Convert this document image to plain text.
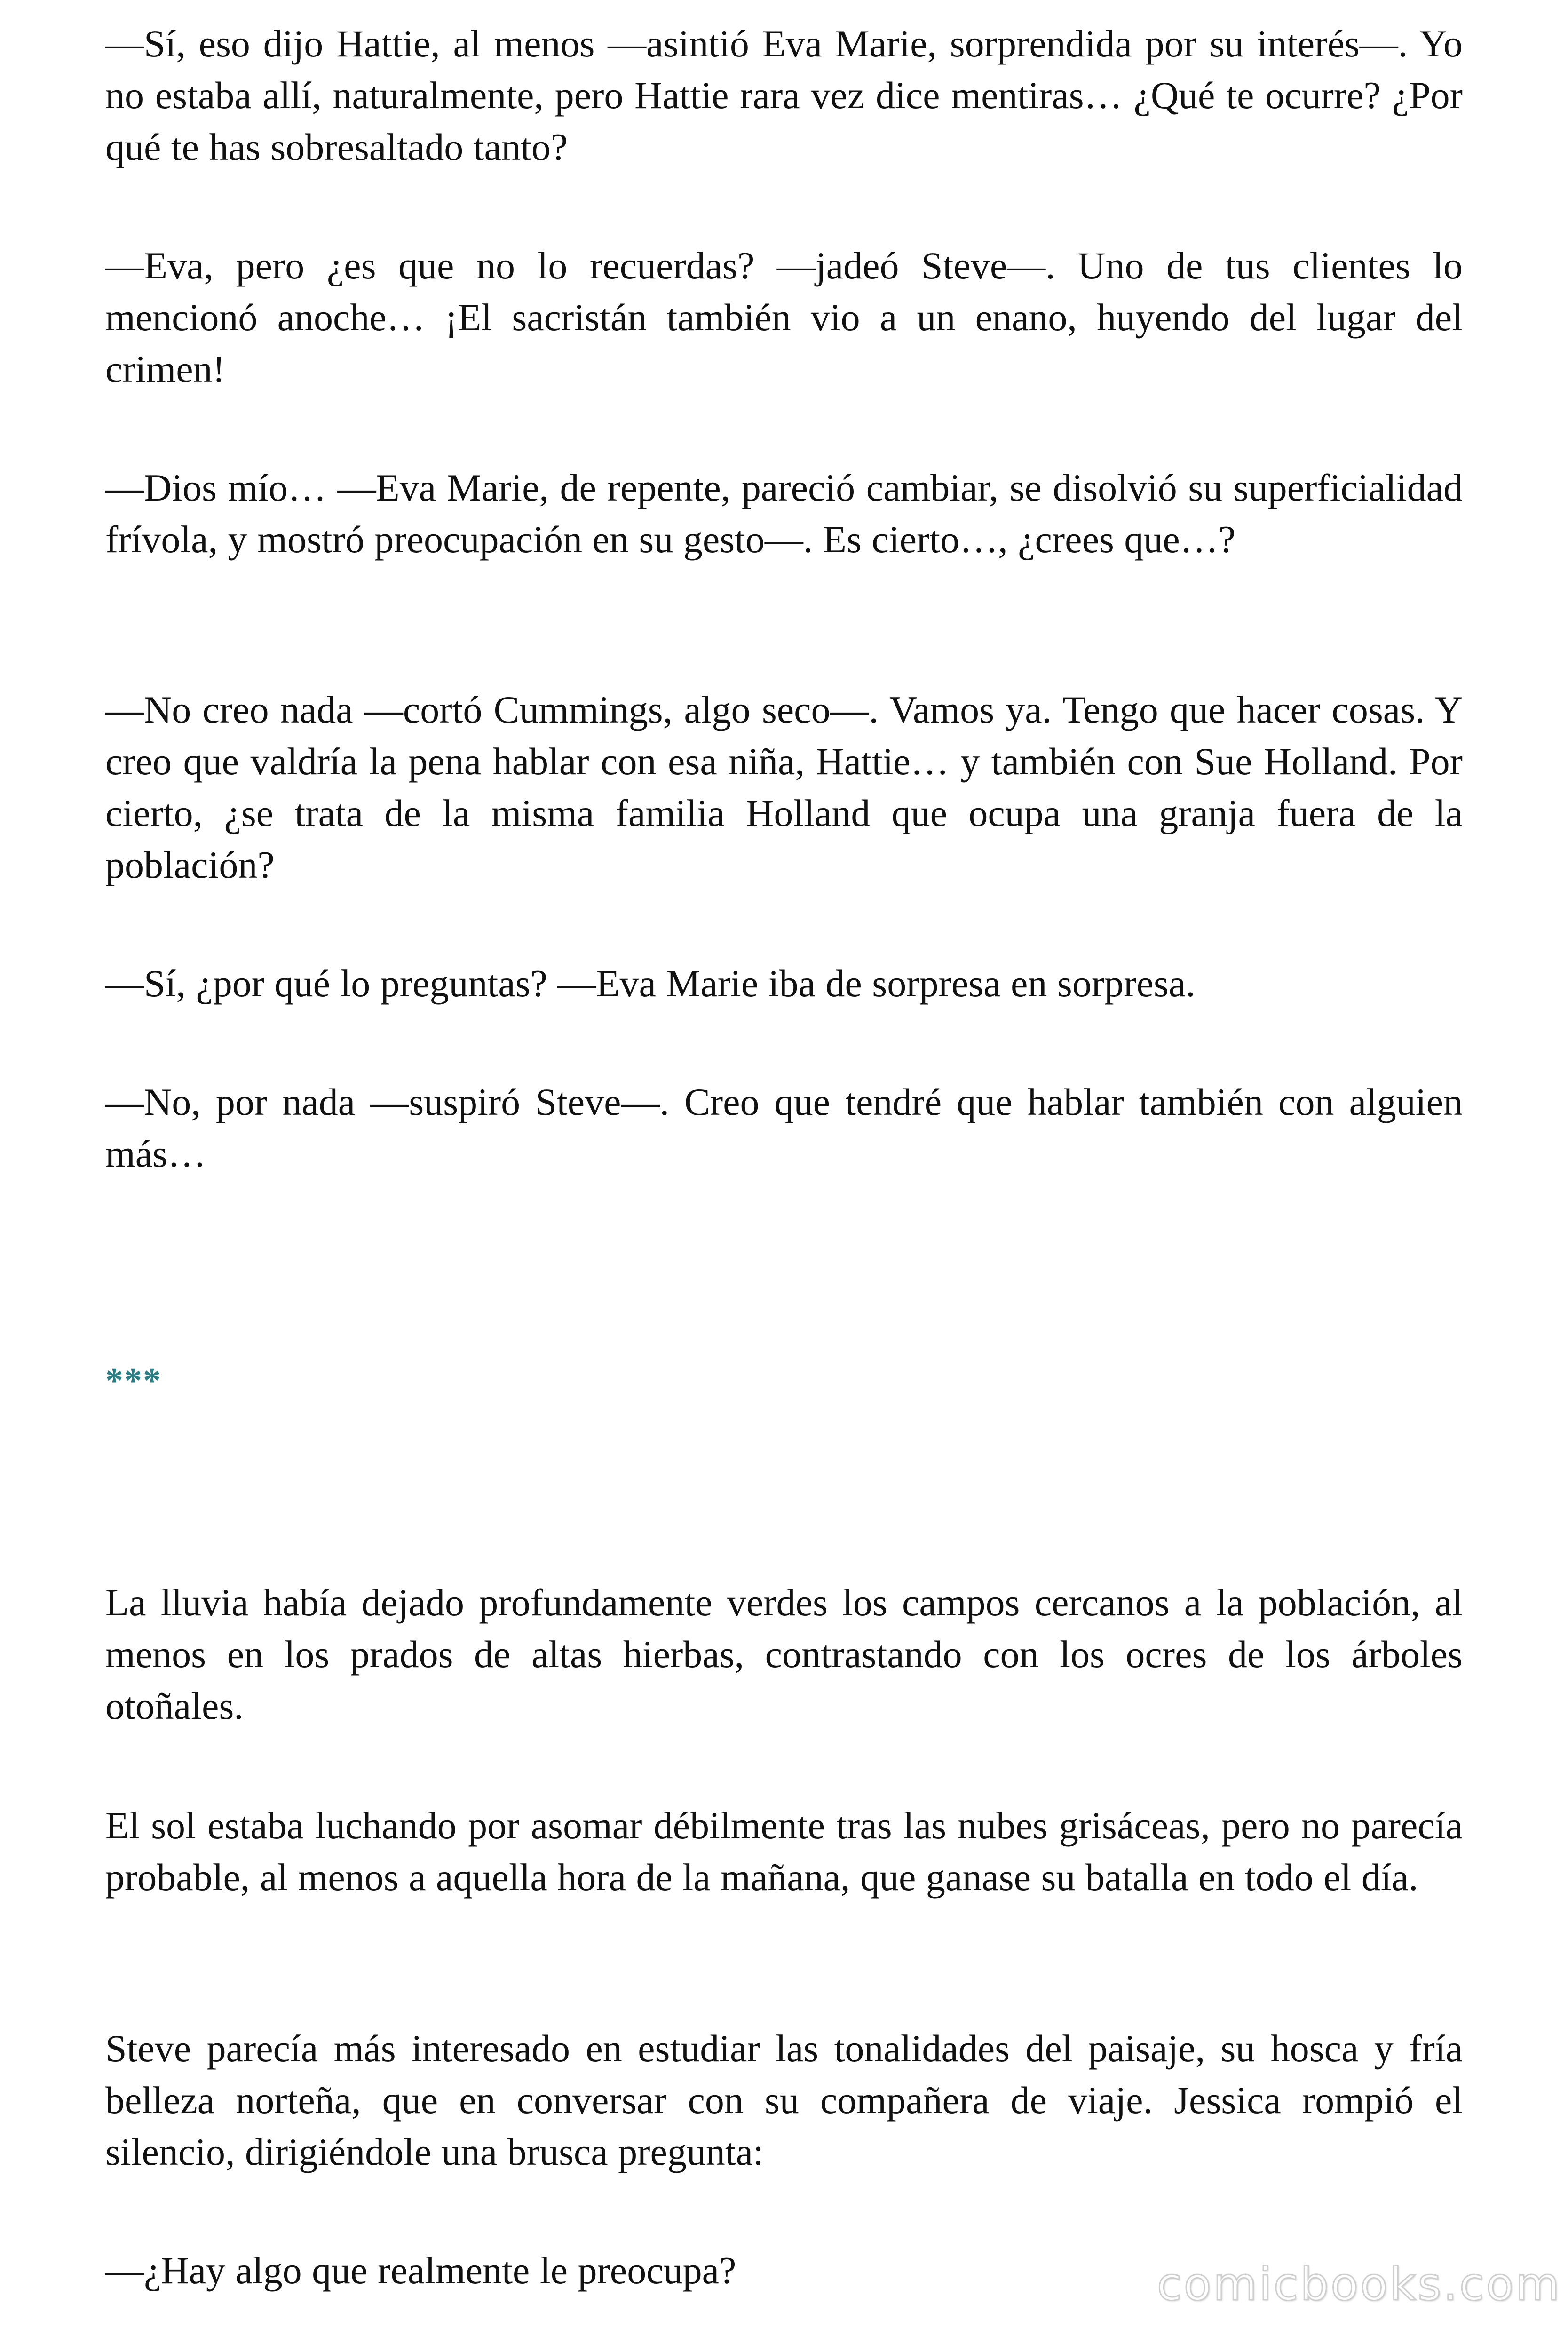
—Sí, eso dijo Hattie, al menos —asintió Eva Marie, sorprendida por su interés—. Yo no estaba allí, naturalmente, pero Hattie rara vez dice mentiras… ¿Qué te ocurre? ¿Por qué te has sobresaltado tanto?

—Eva, pero ¿es que no lo recuerdas? —jadeó Steve—. Uno de tus clientes lo mencionó anoche… ¡El sacristán también vio a un enano, huyendo del lugar del crimen!

—Dios mío… —Eva Marie, de repente, pareció cambiar, se disolvió su superficialidad frívola, y mostró preocupación en su gesto—. Es cierto…, ¿crees que…?

—No creo nada —cortó Cummings, algo seco—. Vamos ya. Tengo que hacer cosas. Y creo que valdría la pena hablar con esa niña, Hattie… y también con Sue Holland. Por cierto, ¿se trata de la misma familia Holland que ocupa una granja fuera de la población?

—Sí, ¿por qué lo preguntas? —Eva Marie iba de sorpresa en sorpresa.

—No, por nada —suspiró Steve—. Creo que tendré que hablar también con alguien más…

***

La lluvia había dejado profundamente verdes los campos cercanos a la población, al menos en los prados de altas hierbas, contrastando con los ocres de los árboles otoñales.

El sol estaba luchando por asomar débilmente tras las nubes grisáceas, pero no parecía probable, al menos a aquella hora de la mañana, que ganase su batalla en todo el día.

Steve parecía más interesado en estudiar las tonalidades del paisaje, su hosca y fría belleza norteña, que en conversar con su compañera de viaje. Jessica rompió el silencio, dirigiéndole una brusca pregunta:

—¿Hay algo que realmente le preocupa?	comicbooks.com
